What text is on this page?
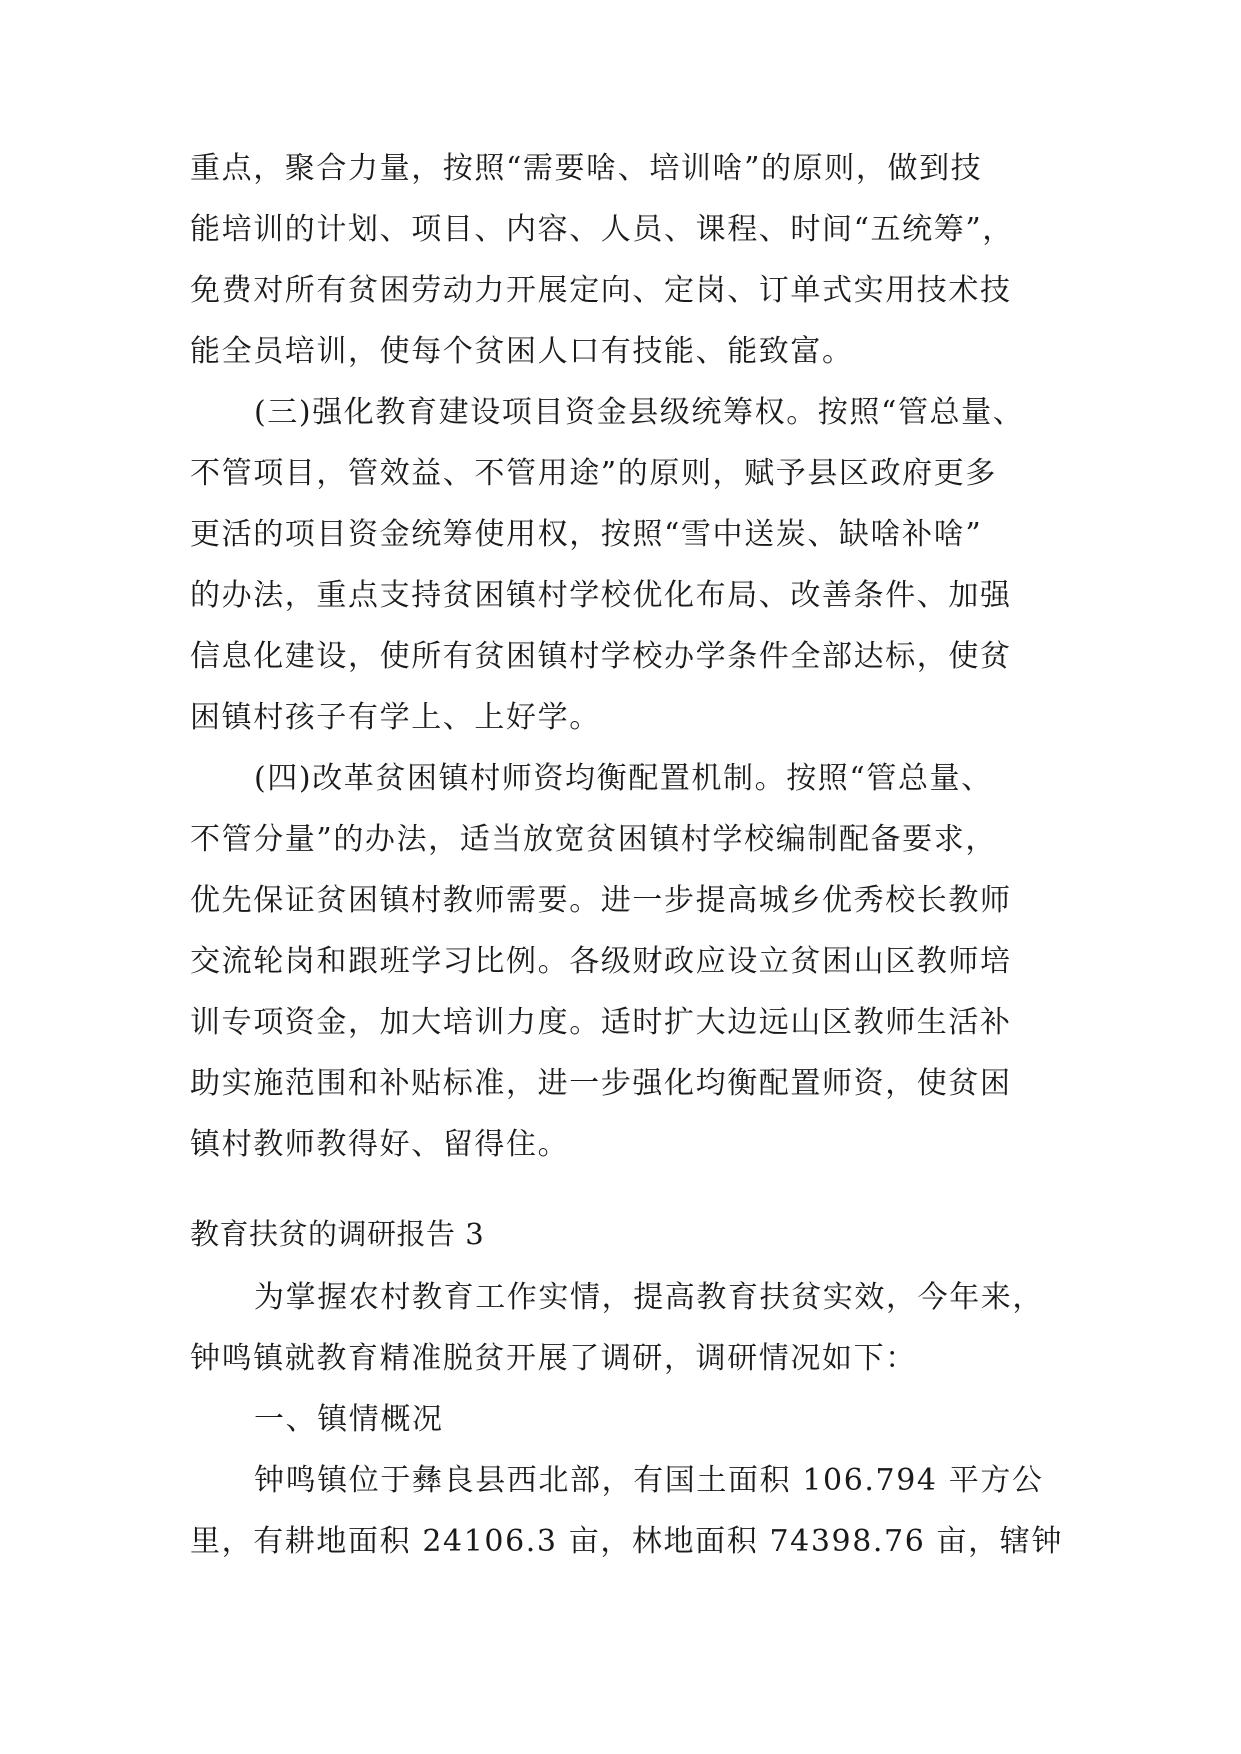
重点，聚合力量，按照“需要啥、培训啥”的原则，做到技
能培训的计划、项目、内容、人员、课程、时间“五统筹”，
免费对所有贫困劳动力开展定向、定岗、订单式实用技术技
能全员培训，使每个贫困人口有技能、能致富。
(三)强化教育建设项目资金县级统筹权。按照“管总量、
不管项目，管效益、不管用途”的原则，赋予县区政府更多
更活的项目资金统筹使用权，按照“雪中送炭、缺啥补啥”
的办法，重点支持贫困镇村学校优化布局、改善条件、加强
信息化建设，使所有贫困镇村学校办学条件全部达标，使贫
困镇村孩子有学上、上好学。
(四)改革贫困镇村师资均衡配置机制。按照“管总量、
不管分量”的办法，适当放宽贫困镇村学校编制配备要求，
优先保证贫困镇村教师需要。进一步提高城乡优秀校长教师
交流轮岗和跟班学习比例。各级财政应设立贫困山区教师培
训专项资金，加大培训力度。适时扩大边远山区教师生活补
助实施范围和补贴标准，进一步强化均衡配置师资，使贫困
镇村教师教得好、留得住。
教育扶贫的调研报告 3
为掌握农村教育工作实情，提高教育扶贫实效，今年来，
钟鸣镇就教育精准脱贫开展了调研，调研情况如下：
一、镇情概况
钟鸣镇位于彝良县西北部，有国土面积 106.794 平方公
里，有耕地面积 24106.3 亩，林地面积 74398.76 亩，辖钟
